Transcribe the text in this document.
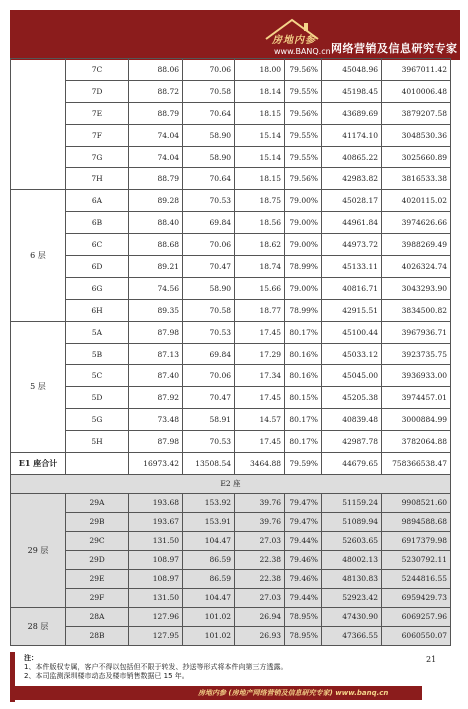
房地内参
www.BANQ.cn 网络营销及信息研究专家
	7C	88.06	70.06	18.00	79.56%	45048.96	3967011.42
	7D	88.72	70.58	18.14	79.55%	45198.45	4010006.48
	7E	88.79	70.64	18.15	79.56%	43689.69	3879207.58
	7F	74.04	58.90	15.14	79.55%	41174.10	3048530.36
	7G	74.04	58.90	15.14	79.55%	40865.22	3025660.89
	7H	88.79	70.64	18.15	79.56%	42983.82	3816533.38
6 层	6A	89.28	70.53	18.75	79.00%	45028.17	4020115.02
	6B	88.40	69.84	18.56	79.00%	44961.84	3974626.66
	6C	88.68	70.06	18.62	79.00%	44973.72	3988269.49
	6D	89.21	70.47	18.74	78.99%	45133.11	4026324.74
	6G	74.56	58.90	15.66	79.00%	40816.71	3043293.90
	6H	89.35	70.58	18.77	78.99%	42915.51	3834500.82
5 层	5A	87.98	70.53	17.45	80.17%	45100.44	3967936.71
	5B	87.13	69.84	17.29	80.16%	45033.12	3923735.75
	5C	87.40	70.06	17.34	80.16%	45045.00	3936933.00
	5D	87.92	70.47	17.45	80.15%	45205.38	3974457.01
	5G	73.48	58.91	14.57	80.17%	40839.48	3000884.99
	5H	87.98	70.53	17.45	80.17%	42987.78	3782064.88
E1 座合计		16973.42	13508.54	3464.88	79.59%	44679.65	758366538.47
E2 座							
29 层	29A	193.68	153.92	39.76	79.47%	51159.24	9908521.60
	29B	193.67	153.91	39.76	79.47%	51089.94	9894588.68
	29C	131.50	104.47	27.03	79.44%	52603.65	6917379.98
	29D	108.97	86.59	22.38	79.46%	48002.13	5230792.11
	29E	108.97	86.59	22.38	79.46%	48130.83	5244816.55
	29F	131.50	104.47	27.03	79.44%	52923.42	6959429.73
28 层	28A	127.96	101.02	26.94	78.95%	47430.90	6069257.96
	28B	127.95	101.02	26.93	78.95%	47366.55	6060550.07
注：
1、本件版权专属，客户不得以包括但不限于转发、抄送等形式将本件向第三方透露。
2、本司监测深圳楼市动态及楼市销售数据已 15 年。
21
房地内参 (房地产网络营销及信息研究专家) www.banq.cn
